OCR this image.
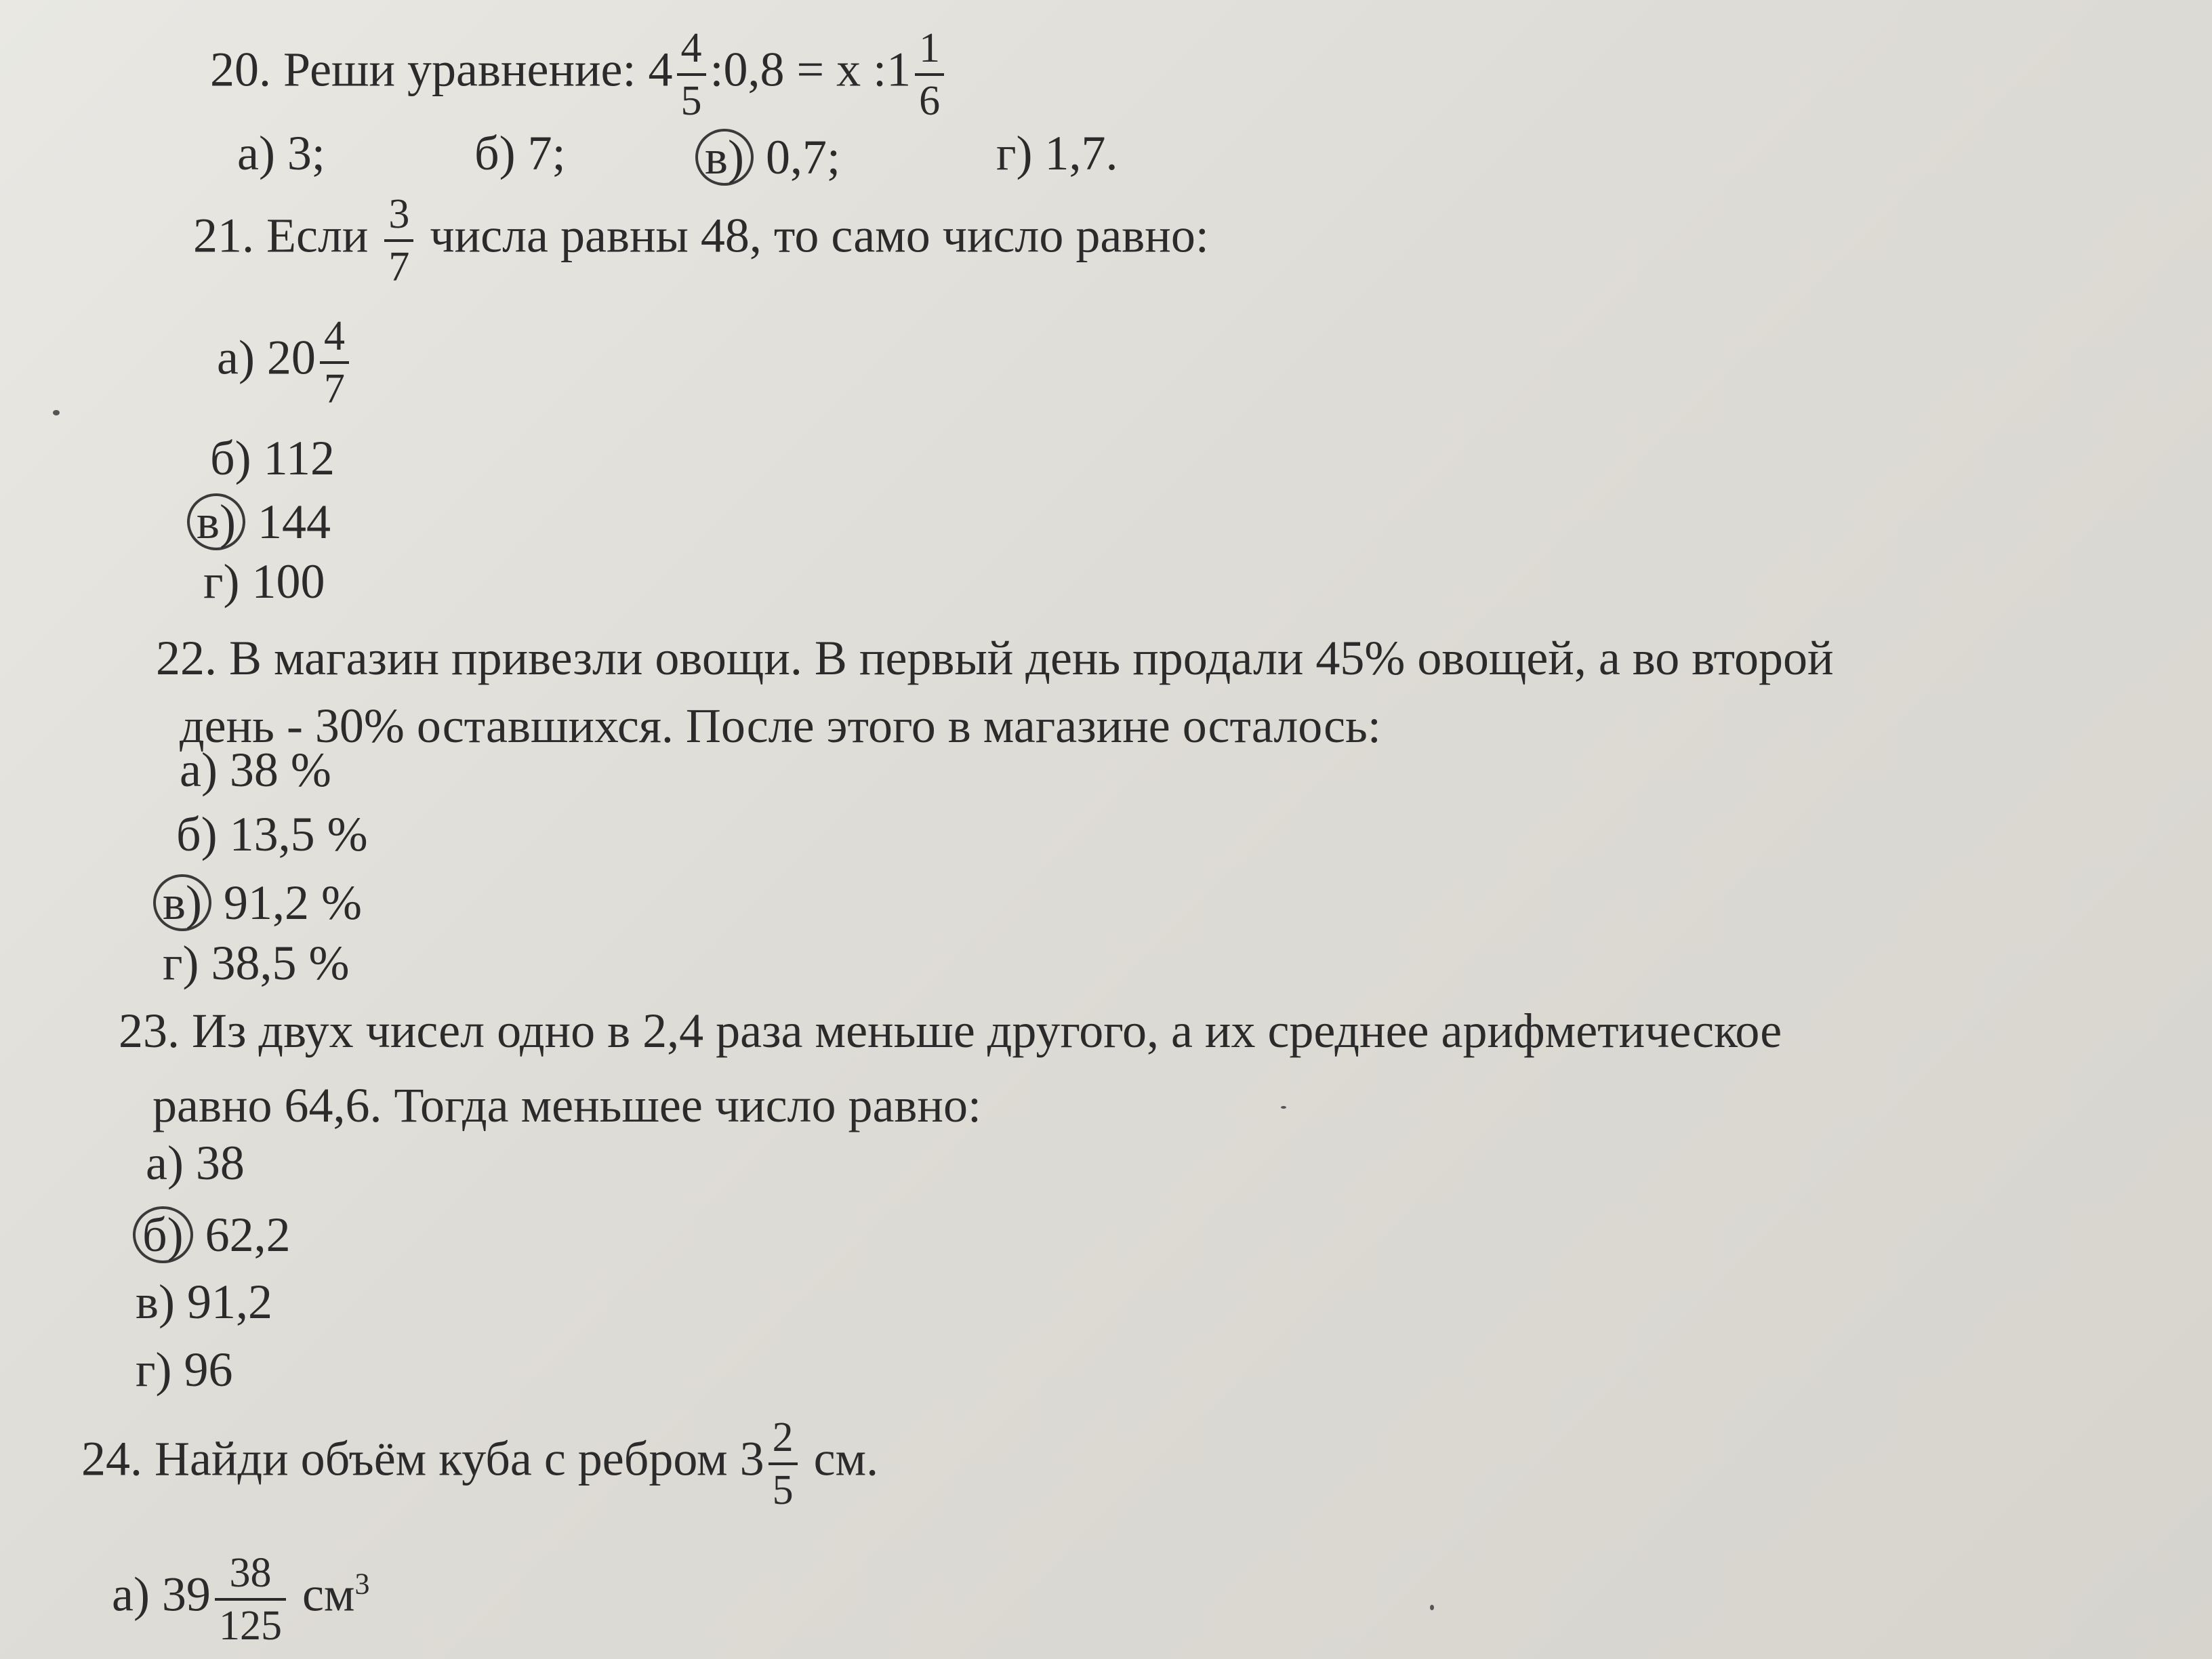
20. Реши уравнение: $4 \frac{4}{5}$ :0,8 = x :1 $\frac{1}{6}$
а) 3;	б) 7;	в) 0,7;	г) 1,7.
21. Если $\frac{3}{7}$ числа равны 48, то само число равно:
а) $20 \frac{4}{7}$
б) 112
в) 144
г) 100
22. В магазин привезли овощи. В первый день продали 45% овощей, а во второй
день - 30% оставшихся. После этого в магазине осталось:
а) 38 %
б) 13,5 %
в) 91,2 %
г) 38,5 %
23. Из двух чисел одно в 2,4 раза меньше другого, а их среднее арифметическое
равно 64,6. Тогда меньшее число равно:
а) 38
б) 62,2
в) 91,2
г) 96
24. Найди объём куба с ребром $3 \frac{2}{5}$ см.
а) $39 \frac{38}{125} см^3$
